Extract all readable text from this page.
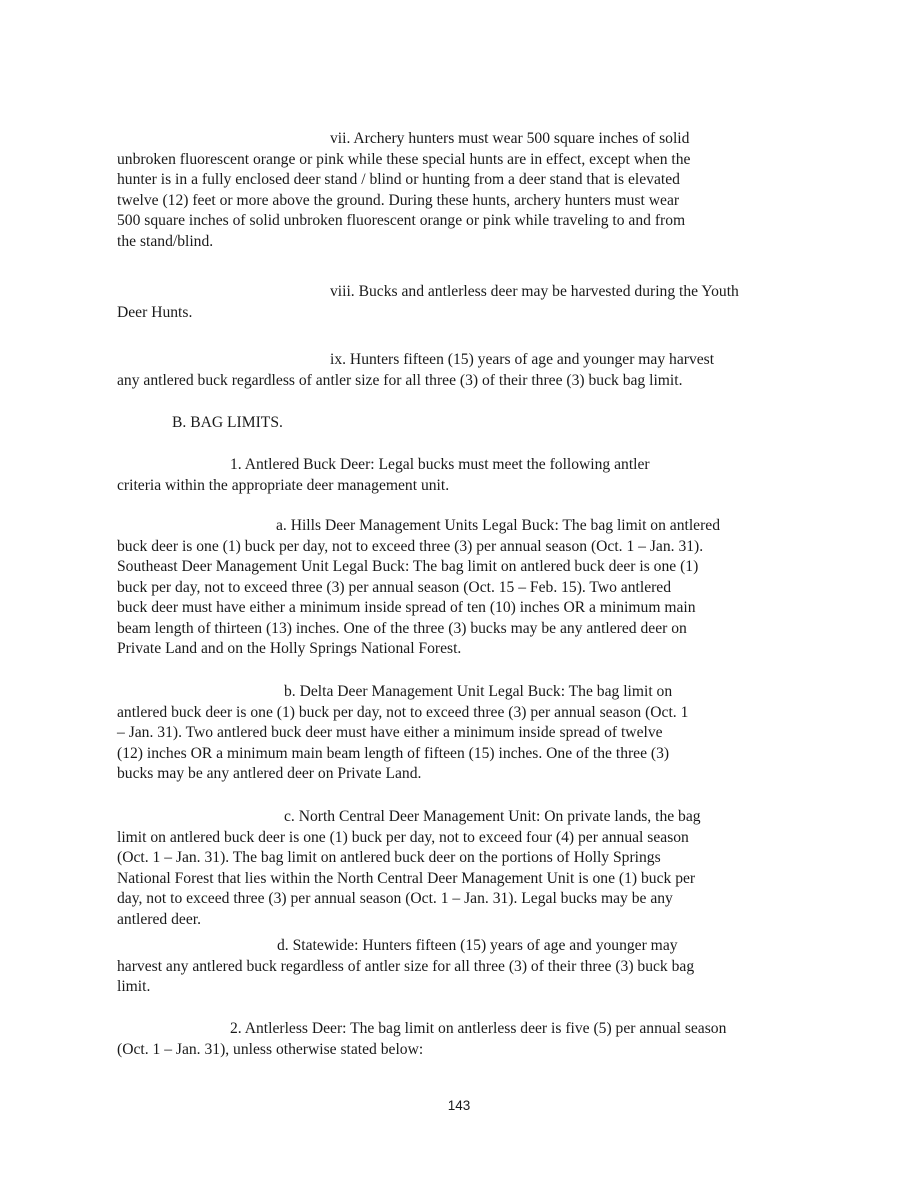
vii. Archery hunters must wear 500 square inches of solid
unbroken fluorescent orange or pink while these special hunts are in effect, except when the
hunter is in a fully enclosed deer stand / blind or hunting from a deer stand that is elevated
twelve (12) feet or more above the ground. During these hunts, archery hunters must wear
500 square inches of solid unbroken fluorescent orange or pink while traveling to and from
the stand/blind.
viii. Bucks and antlerless deer may be harvested during the Youth
Deer Hunts.
ix. Hunters fifteen (15) years of age and younger may harvest
any antlered buck regardless of antler size for all three (3) of their three (3) buck bag limit.
B. BAG LIMITS.
1. Antlered Buck Deer: Legal bucks must meet the following antler
criteria within the appropriate deer management unit.
a. Hills Deer Management Units Legal Buck: The bag limit on antlered
buck deer is one (1) buck per day, not to exceed three (3) per annual season (Oct. 1 – Jan. 31).
Southeast Deer Management Unit Legal Buck: The bag limit on antlered buck deer is one (1)
buck per day, not to exceed three (3) per annual season (Oct. 15 – Feb. 15). Two antlered
buck deer must have either a minimum inside spread of ten (10) inches OR a minimum main
beam length of thirteen (13) inches. One of the three (3) bucks may be any antlered deer on
Private Land and on the Holly Springs National Forest.
b. Delta Deer Management Unit Legal Buck: The bag limit on
antlered buck deer is one (1) buck per day, not to exceed three (3) per annual season (Oct. 1
– Jan. 31). Two antlered buck deer must have either a minimum inside spread of twelve
(12) inches OR a minimum main beam length of fifteen (15) inches. One of the three (3)
bucks may be any antlered deer on Private Land.
c. North Central Deer Management Unit: On private lands, the bag
limit on antlered buck deer is one (1) buck per day, not to exceed four (4) per annual season
(Oct. 1 – Jan. 31). The bag limit on antlered buck deer on the portions of Holly Springs
National Forest that lies within the North Central Deer Management Unit is one (1) buck per
day, not to exceed three (3) per annual season (Oct. 1 – Jan. 31). Legal bucks may be any
antlered deer.
d. Statewide: Hunters fifteen (15) years of age and younger may
harvest any antlered buck regardless of antler size for all three (3) of their three (3) buck bag
limit.
2. Antlerless Deer: The bag limit on antlerless deer is five (5) per annual season
(Oct. 1 – Jan. 31), unless otherwise stated below:
143
